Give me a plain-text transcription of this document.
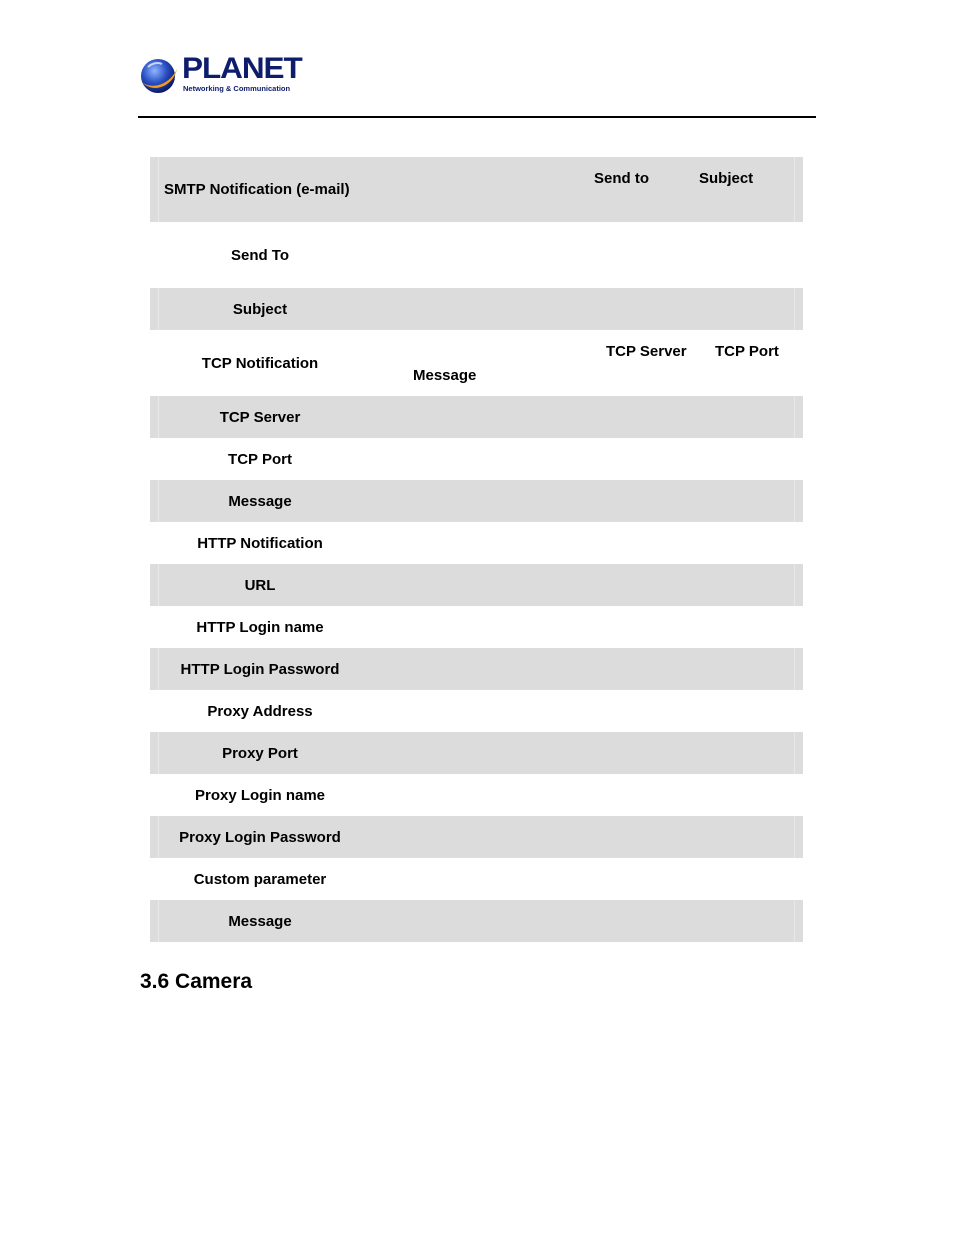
PLANET
Networking & Communication
SMTP Notification (e-mail)
Send to	Subject
Send To
Subject
TCP Notification
TCP Server TCP Port
Message
TCP Server
TCP Port
Message
HTTP Notification
URL
HTTP Login name
HTTP Login Password
Proxy Address
Proxy Port
Proxy Login name
Proxy Login Password
Custom parameter
Message
3.6 Camera
